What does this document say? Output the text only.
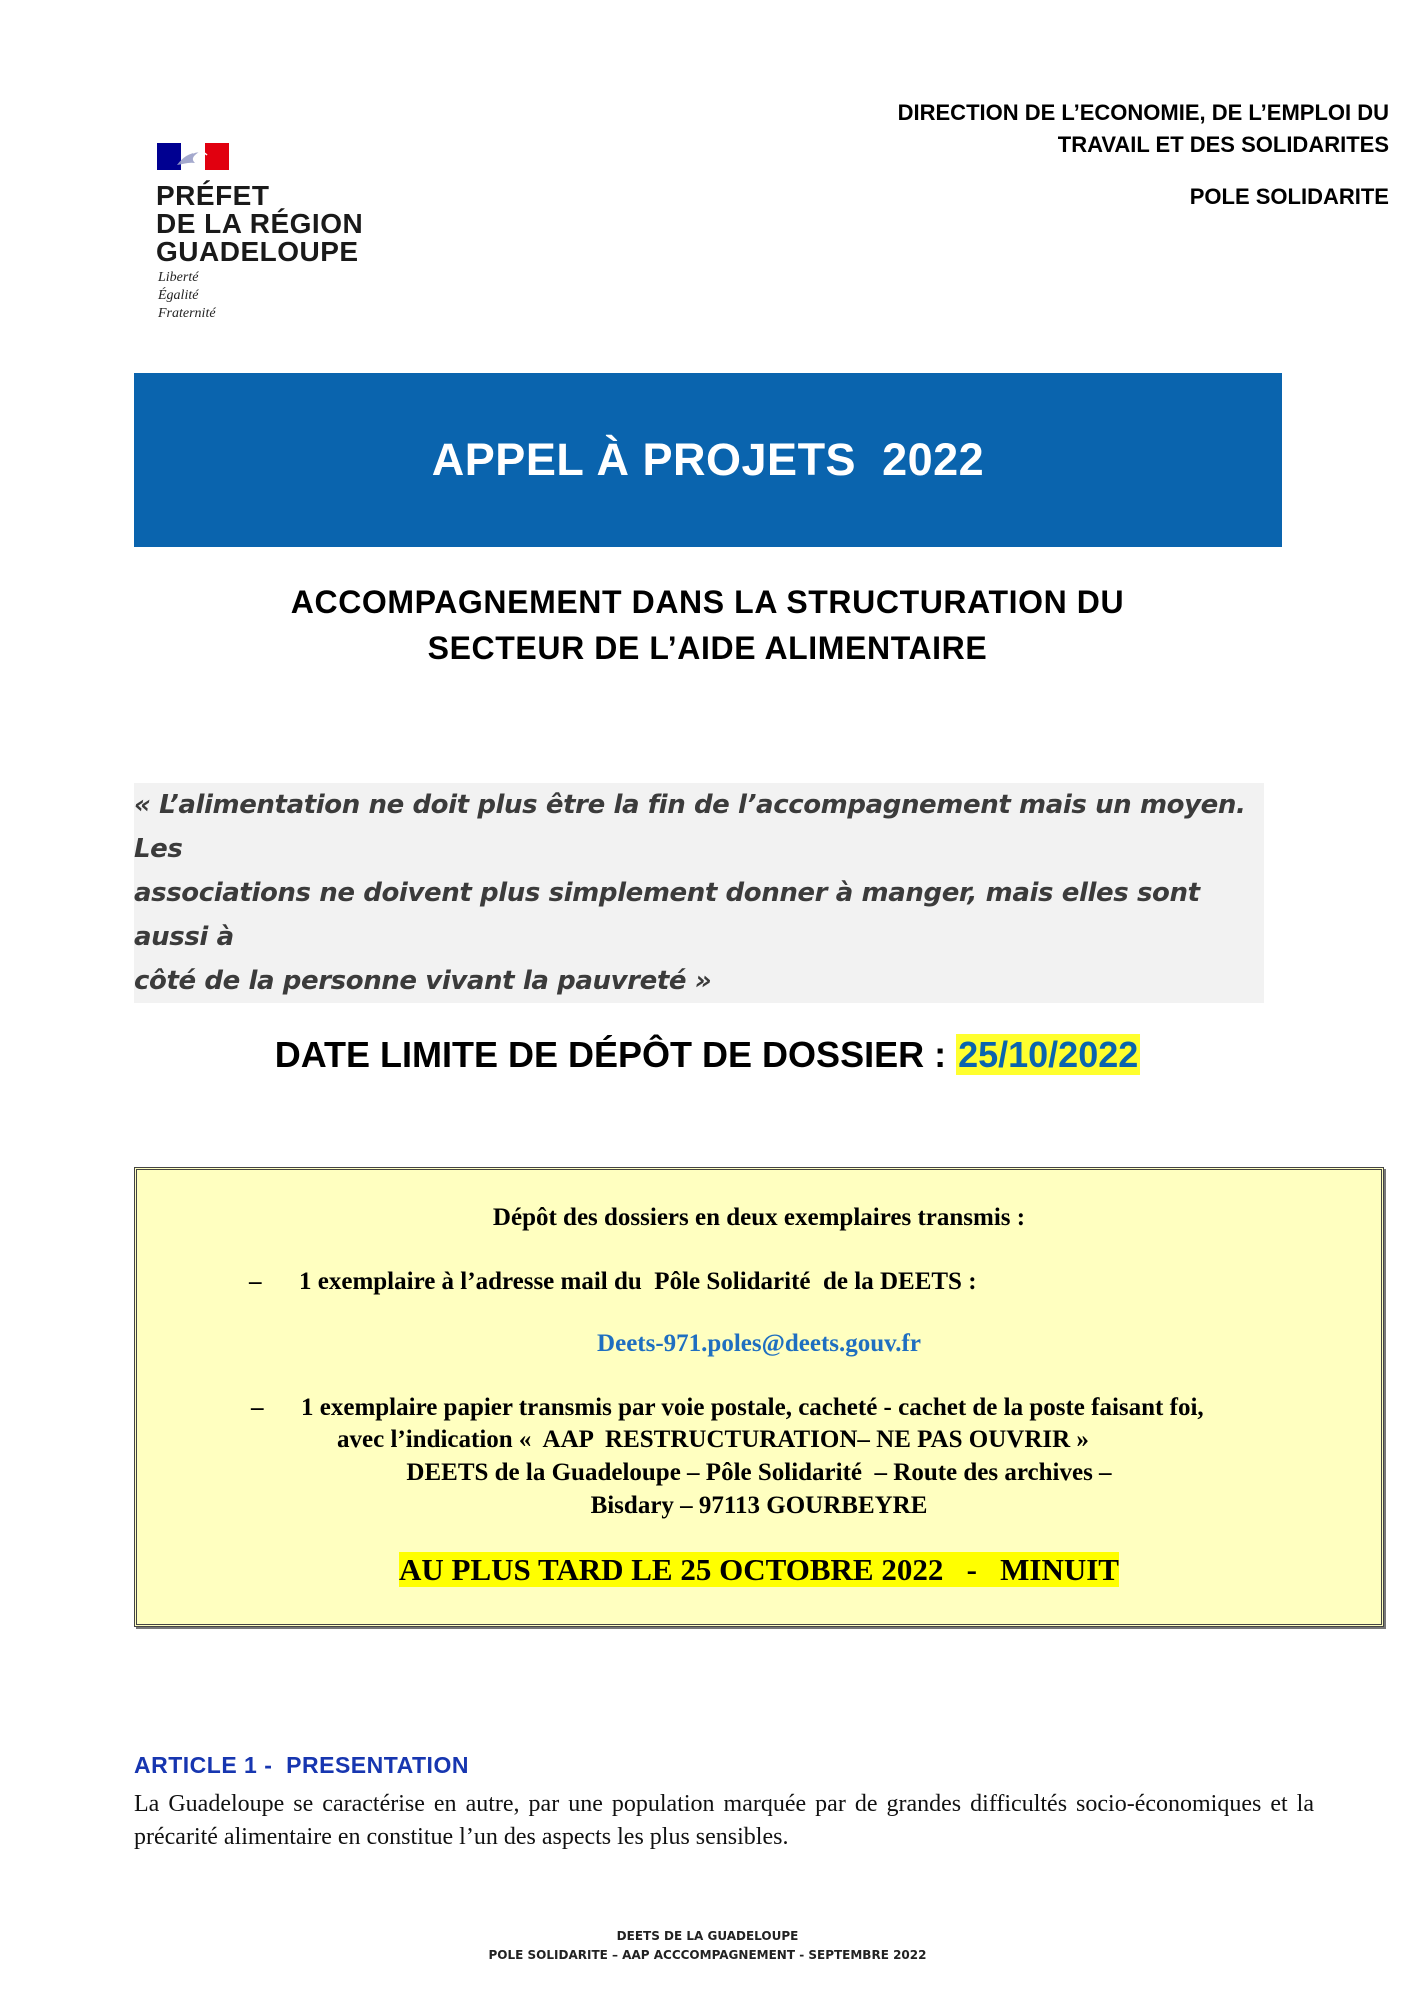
PRÉFET
DE LA RÉGION
GUADELOUPE
Liberté
Égalité
Fraternité
DIRECTION DE L’ECONOMIE, DE L’EMPLOI DU
TRAVAIL ET DES SOLIDARITES
POLE SOLIDARITE
APPEL À PROJETS  2022
ACCOMPAGNEMENT DANS LA STRUCTURATION DU
SECTEUR DE L’AIDE ALIMENTAIRE
« L’alimentation ne doit plus être la fin de l’accompagnement mais un moyen. Les
associations ne doivent plus simplement donner à manger, mais elles sont aussi à
côté de la personne vivant la pauvreté »
DATE LIMITE DE DÉPÔT DE DOSSIER : 25/10/2022
Dépôt des dossiers en deux exemplaires transmis :
– 1 exemplaire à l’adresse mail du  Pôle Solidarité  de la DEETS :
Deets-971.poles@deets.gouv.fr
– 1 exemplaire papier transmis par voie postale, cacheté - cachet de la poste faisant foi,
avec l’indication «  AAP  RESTRUCTURATION– NE PAS OUVRIR »
DEETS de la Guadeloupe – Pôle Solidarité  – Route des archives –
Bisdary – 97113 GOURBEYRE
AU PLUS TARD LE 25 OCTOBRE 2022   -   MINUIT
ARTICLE 1 -  PRESENTATION
La Guadeloupe se caractérise en autre, par une population marquée par de grandes difficultés socio-économiques et la précarité alimentaire en constitue l’un des aspects les plus sensibles.
DEETS DE LA GUADELOUPE
POLE SOLIDARITE – AAP ACCCOMPAGNEMENT - SEPTEMBRE 2022
